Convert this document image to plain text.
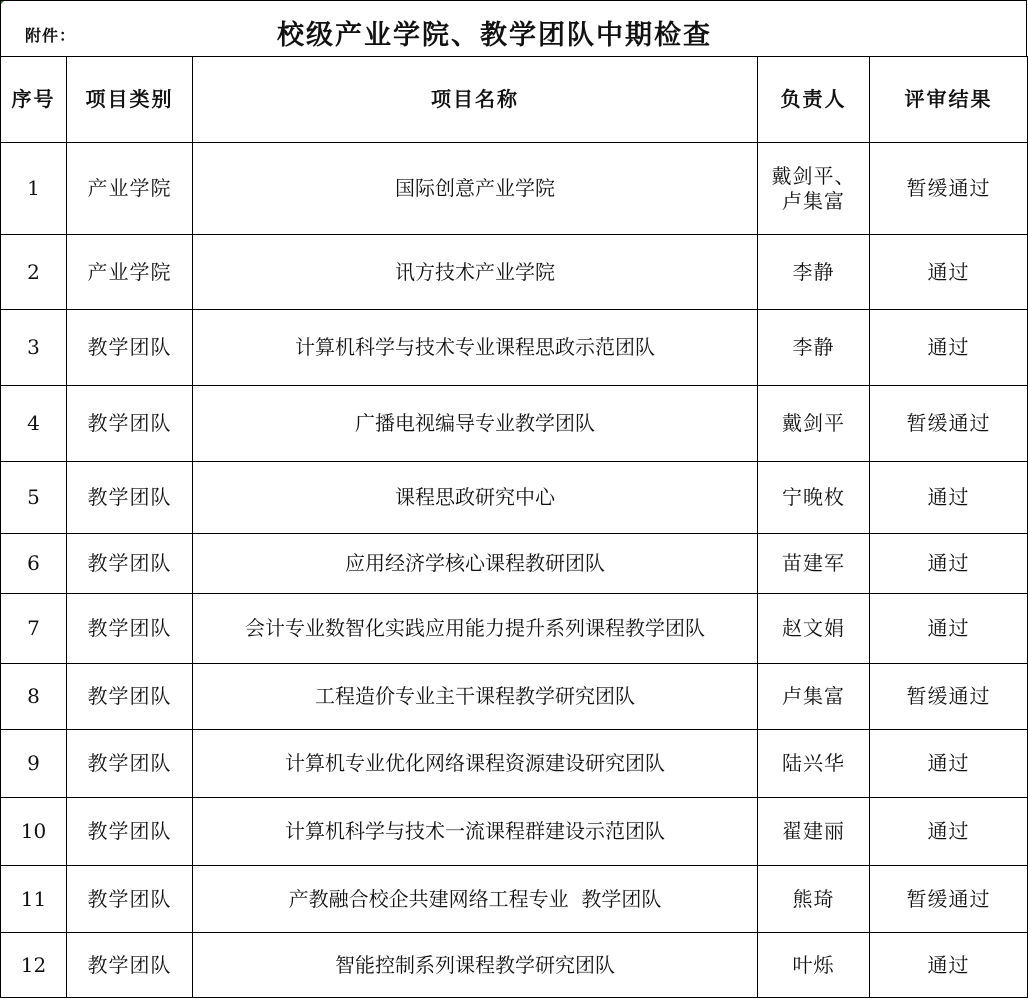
附件：	校级产业学院、教学团队中期检查
序号	项目类别	项目名称	负责人	评审结果
1	产业学院	国际创意产业学院	戴剑平、卢集富	暂缓通过
2	产业学院	讯方技术产业学院	李静	通过
3	教学团队	计算机科学与技术专业课程思政示范团队	李静	通过
4	教学团队	广播电视编导专业教学团队	戴剑平	暂缓通过
5	教学团队	课程思政研究中心	宁晚枚	通过
6	教学团队	应用经济学核心课程教研团队	苗建军	通过
7	教学团队	会计专业数智化实践应用能力提升系列课程教学团队	赵文娟	通过
8	教学团队	工程造价专业主干课程教学研究团队	卢集富	暂缓通过
9	教学团队	计算机专业优化网络课程资源建设研究团队	陆兴华	通过
10	教学团队	计算机科学与技术一流课程群建设示范团队	翟建丽	通过
11	教学团队	产教融合校企共建网络工程专业  教学团队	熊琦	暂缓通过
12	教学团队	智能控制系列课程教学研究团队	叶烁	通过
